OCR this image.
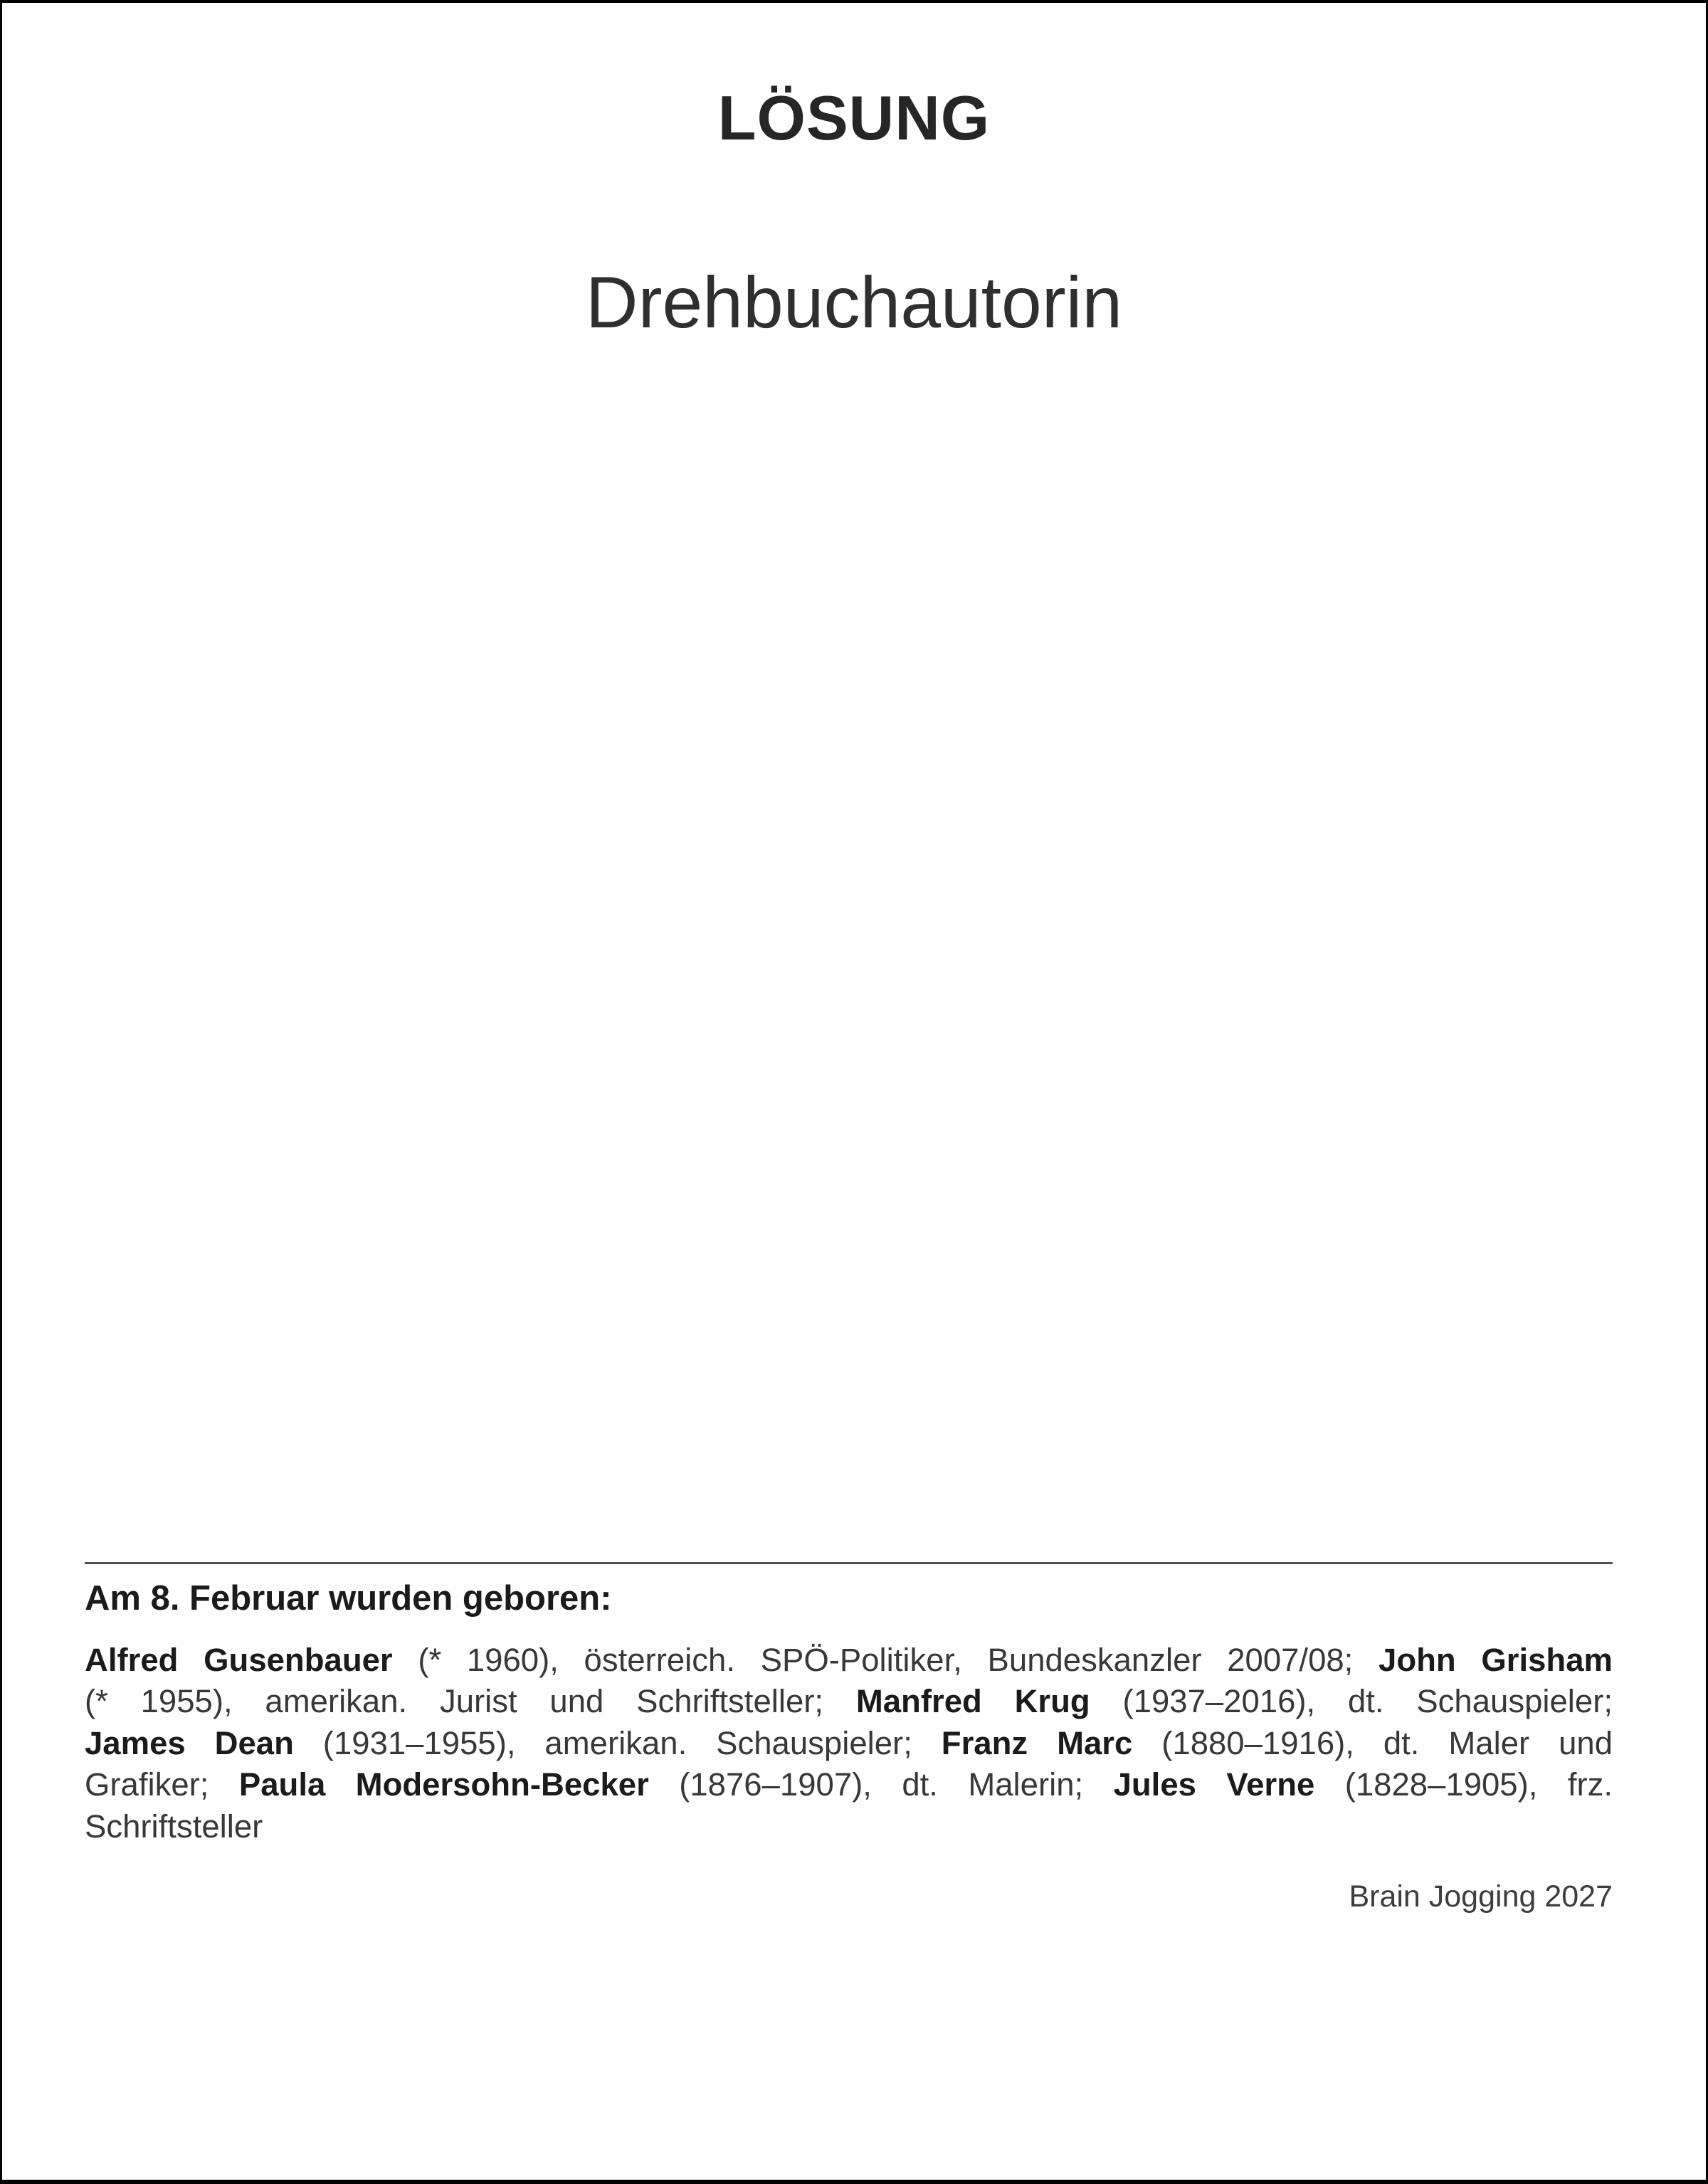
LÖSUNG
Drehbuchautorin
Am 8. Februar wurden geboren:
Alfred Gusenbauer (* 1960), österreich. SPÖ-Politiker, Bundeskanzler 2007/08; John Grisham
(* 1955), amerikan. Jurist und Schriftsteller; Manfred Krug (1937–2016), dt. Schauspieler;
James Dean (1931–1955), amerikan. Schauspieler; Franz Marc (1880–1916), dt. Maler und
Grafiker; Paula Modersohn-Becker (1876–1907), dt. Malerin; Jules Verne (1828–1905), frz.
Schriftsteller
Brain Jogging 2027
